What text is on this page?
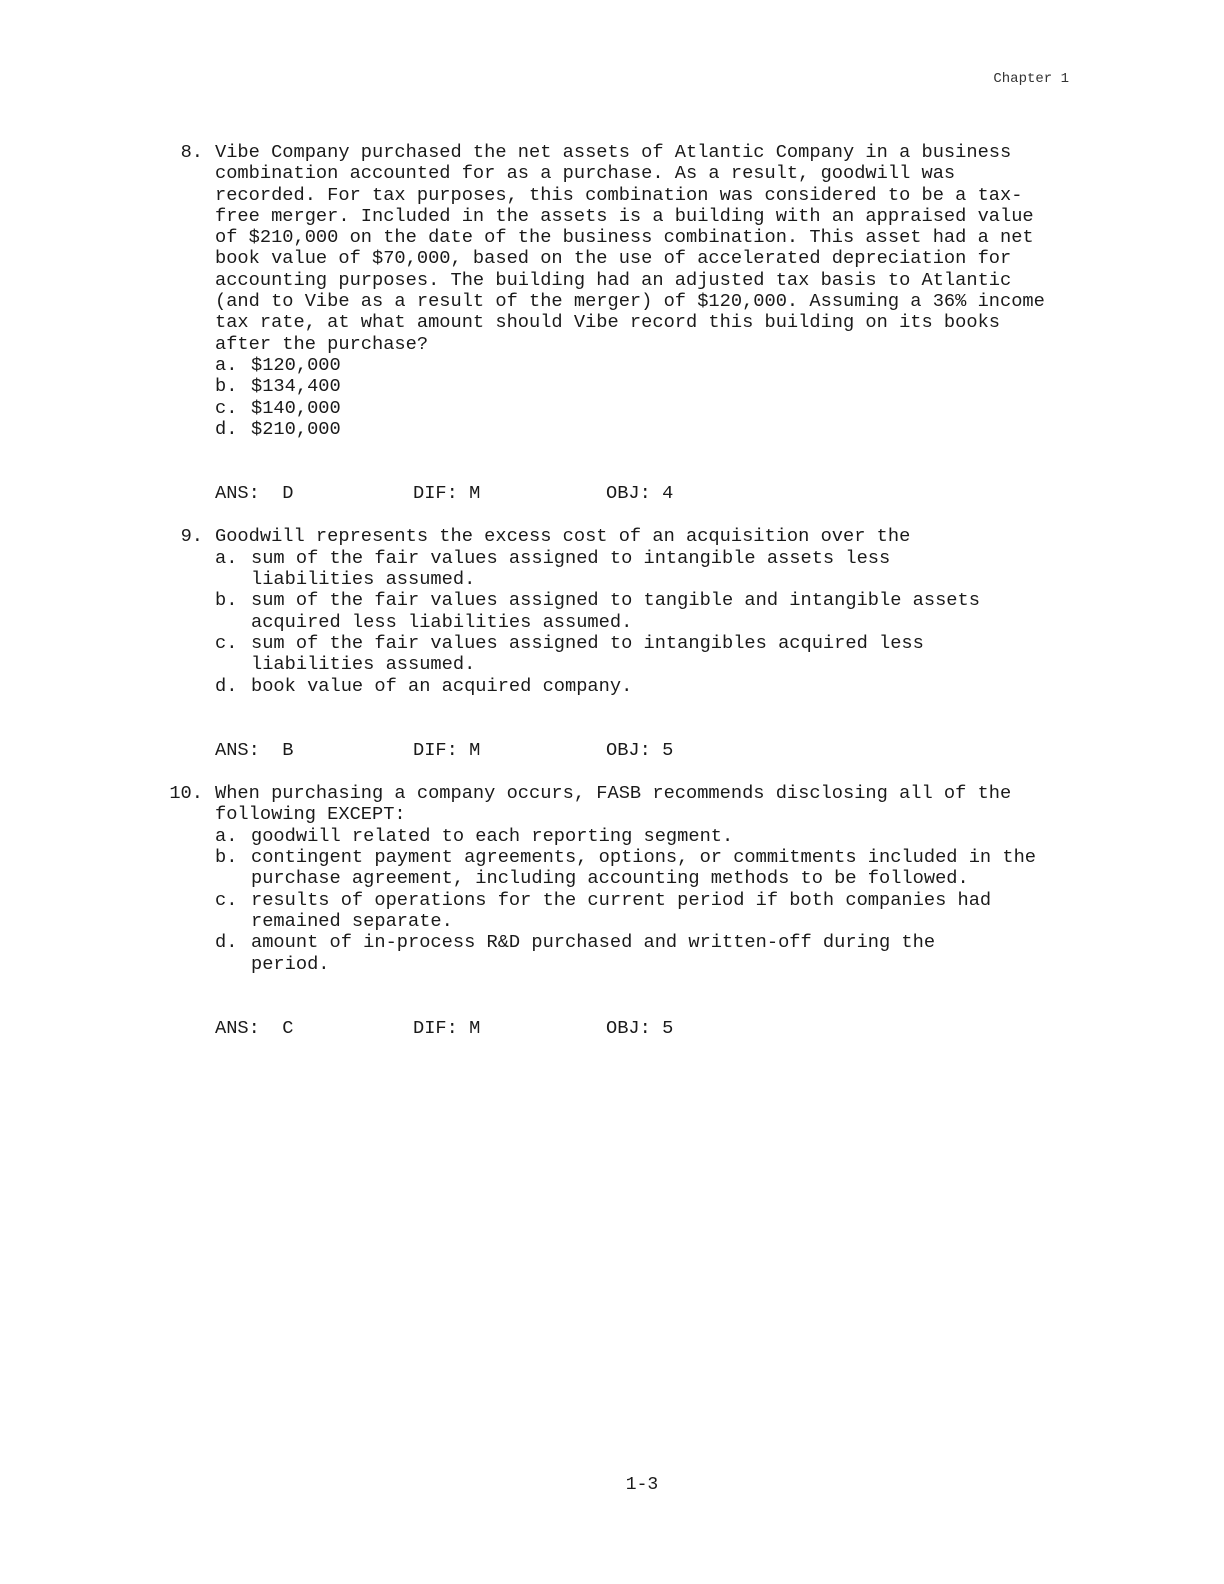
Chapter 1
8. Vibe Company purchased the net assets of Atlantic Company in a business combination accounted for as a purchase. As a result, goodwill was recorded. For tax purposes, this combination was considered to be a tax-free merger. Included in the assets is a building with an appraised value of $210,000 on the date of the business combination. This asset had a net book value of $70,000, based on the use of accelerated depreciation for accounting purposes. The building had an adjusted tax basis to Atlantic (and to Vibe as a result of the merger) of $120,000. Assuming a 36% income tax rate, at what amount should Vibe record this building on its books after the purchase?
a. $120,000
b. $134,400
c. $140,000
d. $210,000
ANS:  D	DIF: M	OBJ: 4
9. Goodwill represents the excess cost of an acquisition over the
a. sum of the fair values assigned to intangible assets less liabilities assumed.
b. sum of the fair values assigned to tangible and intangible assets acquired less liabilities assumed.
c. sum of the fair values assigned to intangibles acquired less liabilities assumed.
d. book value of an acquired company.
ANS:  B	DIF: M	OBJ: 5
10. When purchasing a company occurs, FASB recommends disclosing all of the following EXCEPT:
a. goodwill related to each reporting segment.
b. contingent payment agreements, options, or commitments included in the purchase agreement, including accounting methods to be followed.
c. results of operations for the current period if both companies had remained separate.
d. amount of in-process R&D purchased and written-off during the period.
ANS:  C	DIF: M	OBJ: 5
1-3
